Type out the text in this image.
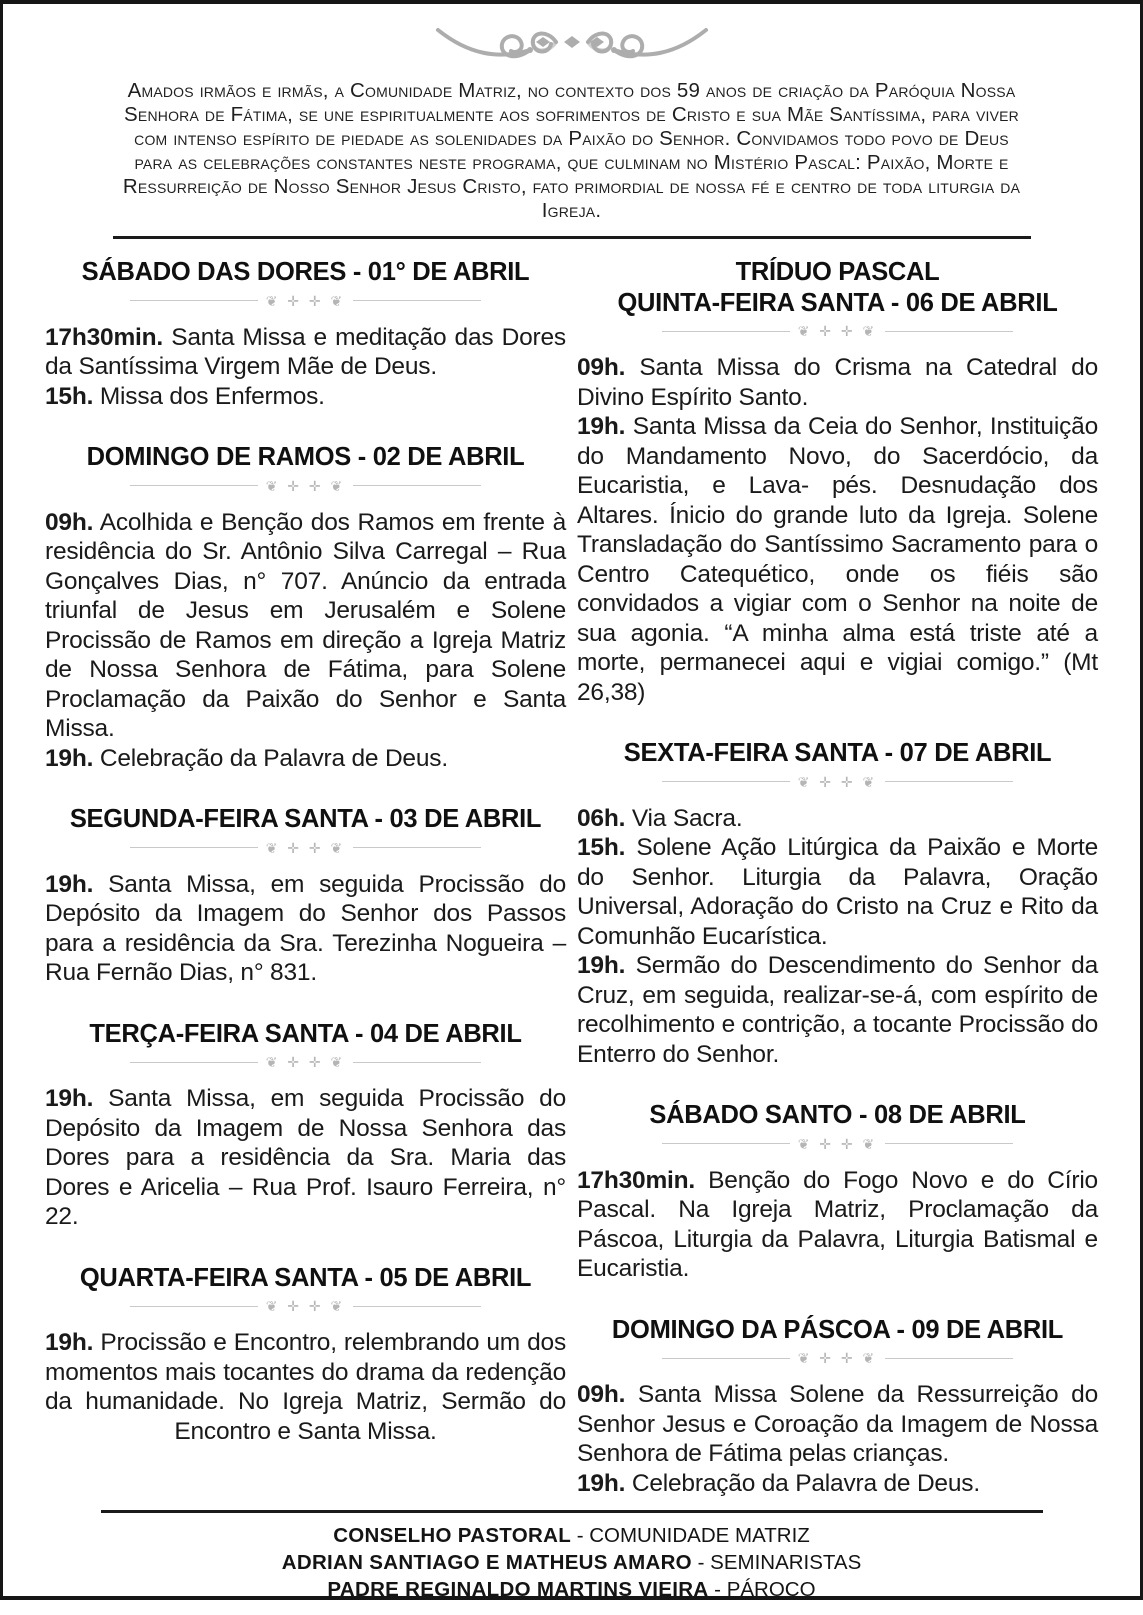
Amados irmãos e irmãs, a Comunidade Matriz, no contexto dos 59 anos de criação da Paróquia Nossa Senhora de Fátima, se une espiritualmente aos sofrimentos de Cristo e sua Mãe Santíssima, para viver com intenso espírito de piedade as solenidades da Paixão do Senhor. Convidamos todo povo de Deus para as celebrações constantes neste programa, que culminam no Mistério Pascal: Paixão, Morte e Ressurreição de Nosso Senhor Jesus Cristo, fato primordial de nossa fé e centro de toda liturgia da Igreja.

SÁBADO DAS DORES - 01° DE ABRIL
❦ ✛ ✛ ❦

17h30min. Santa Missa e meditação das Dores da Santíssima Virgem Mãe de Deus.

15h. Missa dos Enfermos.

DOMINGO DE RAMOS - 02 DE ABRIL
❦ ✛ ✛ ❦

09h. Acolhida e Benção dos Ramos em frente à residência do Sr. Antônio Silva Carregal – Rua Gonçalves Dias, n° 707. Anúncio da entrada triunfal de Jesus em Jerusalém e Solene Procissão de Ramos em direção a Igreja Matriz de Nossa Senhora de Fátima, para Solene Proclamação da Paixão do Senhor e Santa Missa.

19h. Celebração da Palavra de Deus.

SEGUNDA-FEIRA SANTA - 03 DE ABRIL
❦ ✛ ✛ ❦

19h. Santa Missa, em seguida Procissão do Depósito da Imagem do Senhor dos Passos para a residência da Sra. Terezinha Nogueira – Rua Fernão Dias, n° 831.

TERÇA-FEIRA SANTA - 04 DE ABRIL
❦ ✛ ✛ ❦

19h. Santa Missa, em seguida Procissão do Depósito da Imagem de Nossa Senhora das Dores para a residência da Sra. Maria das Dores e Aricelia – Rua Prof. Isauro Ferreira, n° 22.

QUARTA-FEIRA SANTA - 05 DE ABRIL
❦ ✛ ✛ ❦

19h. Procissão e Encontro, relembrando um dos momentos mais tocantes do drama da redenção da humanidade. No Igreja Matriz, Sermão do Encontro e Santa Missa.

TRÍDUO PASCAL
QUINTA-FEIRA SANTA - 06 DE ABRIL
❦ ✛ ✛ ❦

09h. Santa Missa do Crisma na Catedral do Divino Espírito Santo.

19h. Santa Missa da Ceia do Senhor, Instituição do Mandamento Novo, do Sacerdócio, da Eucaristia, e Lava- pés. Desnudação dos Altares. Ínicio do grande luto da Igreja. Solene Transladação do Santíssimo Sacramento para o Centro Catequético, onde os fiéis são convidados a vigiar com o Senhor na noite de sua agonia. “A minha alma está triste até a morte, permanecei aqui e vigiai comigo.” (Mt 26,38)

SEXTA-FEIRA SANTA - 07 DE ABRIL
❦ ✛ ✛ ❦

06h. Via Sacra.

15h. Solene Ação Litúrgica da Paixão e Morte do Senhor. Liturgia da Palavra, Oração Universal, Adoração do Cristo na Cruz e Rito da Comunhão Eucarística.

19h. Sermão do Descendimento do Senhor da Cruz, em seguida, realizar-se-á, com espírito de recolhimento e contrição, a tocante Procissão do Enterro do Senhor.

SÁBADO SANTO - 08 DE ABRIL
❦ ✛ ✛ ❦

17h30min. Benção do Fogo Novo e do Círio Pascal. Na Igreja Matriz, Proclamação da Páscoa, Liturgia da Palavra, Liturgia Batismal e Eucaristia.

DOMINGO DA PÁSCOA - 09 DE ABRIL
❦ ✛ ✛ ❦

09h. Santa Missa Solene da Ressurreição do Senhor Jesus e Coroação da Imagem de Nossa Senhora de Fátima pelas crianças.

19h. Celebração da Palavra de Deus.

CONSELHO PASTORAL - COMUNIDADE MATRIZ
ADRIAN SANTIAGO E MATHEUS AMARO - SEMINARISTAS
PADRE REGINALDO MARTINS VIEIRA - PÁROCO
